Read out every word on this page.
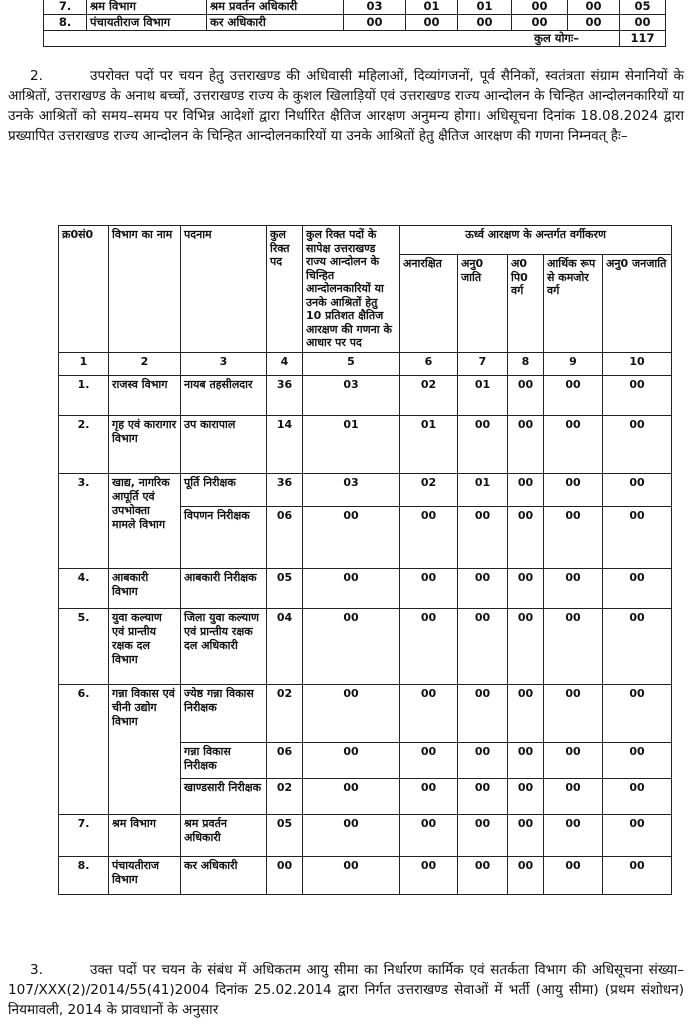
7.	श्रम विभाग	श्रम प्रवर्तन अधिकारी	03	01	01	00	00	05
8.	पंचायतीराज विभाग	कर अधिकारी	00	00	00	00	00	00
कुल योगः–								117
2.	उपरोक्त पदों पर चयन हेतु उत्तराखण्ड की अधिवासी महिलाओं, दिव्यांगजनों, पूर्व सैनिकों, स्वतंत्रता संग्राम सेनानियों के आश्रितों, उत्तराखण्ड के अनाथ बच्चों, उत्तराखण्ड राज्य के कुशल खिलाड़ियों एवं उत्तराखण्ड राज्य आन्दोलन के चिन्हित आन्दोलनकारियों या उनके आश्रितों को समय–समय पर विभिन्न आदेशों द्वारा निर्धारित क्षैतिज आरक्षण अनुमन्य होगा। अधिसूचना दिनांक 18.08.2024 द्वारा प्रख्यापित उत्तराखण्ड राज्य आन्दोलन के चिन्हित आन्दोलनकारियों या उनके आश्रितों हेतु क्षैतिज आरक्षण की गणना निम्नवत् हैः–
क्र0सं0	विभाग का नाम	पदनाम	कुल रिक्त पद	कुल रिक्त पदों के सापेक्ष उत्तराखण्ड राज्य आन्दोलन के चिन्हित आन्दोलनकारियों या उनके आश्रितों हेतु 10 प्रतिशत क्षैतिज आरक्षण की गणना के आधार पर पद	ऊर्ध्व आरक्षण के अन्तर्गत वर्गीकरण				
					अनारक्षित	अनु0 जाति	अ0 पि0 वर्ग	आर्थिक रूप से कमजोर वर्ग	अनु0 जनजाति
1	2	3	4	5	6	7	8	9	10
1.	राजस्व विभाग	नायब तहसीलदार	36	03	02	01	00	00	00
2.	गृह एवं कारागार विभाग	उप कारापाल	14	01	01	00	00	00	00
3.	खाद्य, नागरिक आपूर्ति एवं उपभोक्ता मामले विभाग	पूर्ति निरीक्षक	36	03	02	01	00	00	00
		विपणन निरीक्षक	06	00	00	00	00	00	00
4.	आबकारी विभाग	आबकारी निरीक्षक	05	00	00	00	00	00	00
5.	युवा कल्याण एवं प्रान्तीय रक्षक दल विभाग	जिला युवा कल्याण एवं प्रान्तीय रक्षक दल अधिकारी	04	00	00	00	00	00	00
6.	गन्ना विकास एवं चीनी उद्योग विभाग	ज्येष्ठ गन्ना विकास निरीक्षक	02	00	00	00	00	00	00
		गन्ना विकास निरीक्षक	06	00	00	00	00	00	00
		खाण्डसारी निरीक्षक	02	00	00	00	00	00	00
7.	श्रम विभाग	श्रम प्रवर्तन अधिकारी	05	00	00	00	00	00	00
8.	पंचायतीराज विभाग	कर अधिकारी	00	00	00	00	00	00	00
3.	उक्त पदों पर चयन के संबंध में अधिकतम आयु सीमा का निर्धारण कार्मिक एवं सतर्कता विभाग की अधिसूचना संख्या–107/XXX(2)/2014/55(41)2004 दिनांक 25.02.2014 द्वारा निर्गत उत्तराखण्ड सेवाओं में भर्ती (आयु सीमा) (प्रथम संशोधन) नियमावली, 2014 के प्रावधानों के अनुसार
